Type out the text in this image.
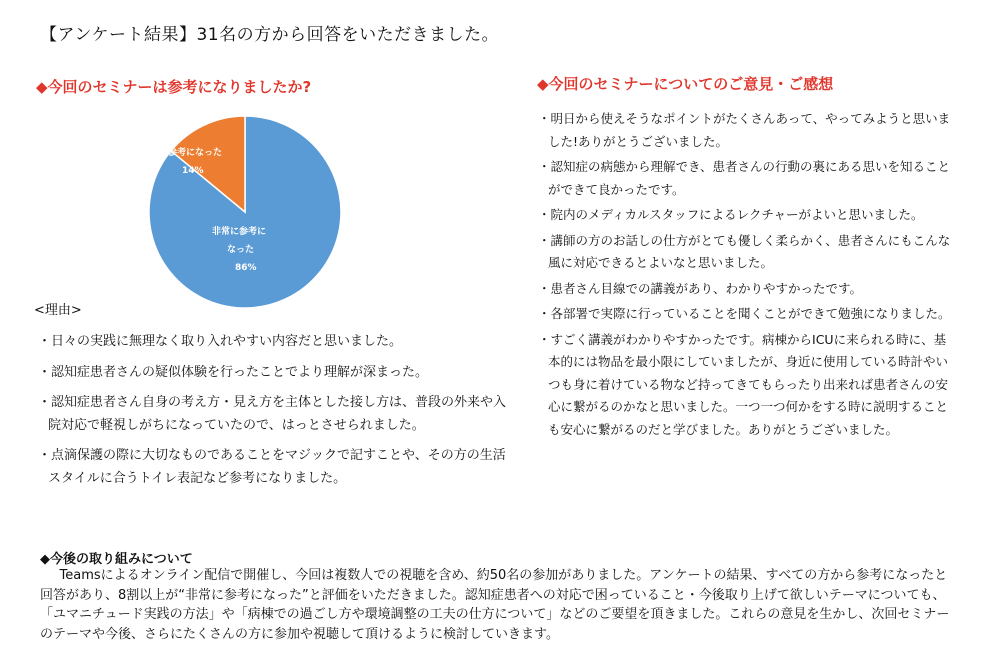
【アンケート結果】31名の方から回答をいただきました。
◆今回のセミナーは参考になりましたか?
参考になった
14%
非常に参考に
なった
86%
<理由>
・日々の実践に無理なく取り入れやすい内容だと思いました。
・認知症患者さんの疑似体験を行ったことでより理解が深まった。
・認知症患者さん自身の考え方・見え方を主体とした接し方は、普段の外来や入院対応で軽視しがちになっていたので、はっとさせられました。
・点滴保護の際に大切なものであることをマジックで記すことや、その方の生活スタイルに合うトイレ表記など参考になりました。
◆今回のセミナーについてのご意見・ご感想
・明日から使えそうなポイントがたくさんあって、やってみようと思いました!ありがとうございました。
・認知症の病態から理解でき、患者さんの行動の裏にある思いを知ることができて良かったです。
・院内のメディカルスタッフによるレクチャーがよいと思いました。
・講師の方のお話しの仕方がとても優しく柔らかく、患者さんにもこんな風に対応できるとよいなと思いました。
・患者さん目線での講義があり、わかりやすかったです。
・各部署で実際に行っていることを聞くことができて勉強になりました。
・すごく講義がわかりやすかったです。病棟からICUに来られる時に、基本的には物品を最小限にしていましたが、身近に使用している時計やいつも身に着けている物など持ってきてもらったり出来れば患者さんの安心に繋がるのかなと思いました。一つ一つ何かをする時に説明することも安心に繋がるのだと学びました。ありがとうございました。
◆今後の取り組みについて

Teamsによるオンライン配信で開催し、今回は複数人での視聴を含め、約50名の参加がありました。アンケートの結果、すべての方から参考になったと回答があり、8割以上が“非常に参考になった”と評価をいただきました。認知症患者への対応で困っていること・今後取り上げて欲しいテーマについても、「ユマニチュード実践の方法」や「病棟での過ごし方や環境調整の工夫の仕方について」などのご要望を頂きました。これらの意見を生かし、次回セミナーのテーマや今後、さらにたくさんの方に参加や視聴して頂けるように検討していきます。
